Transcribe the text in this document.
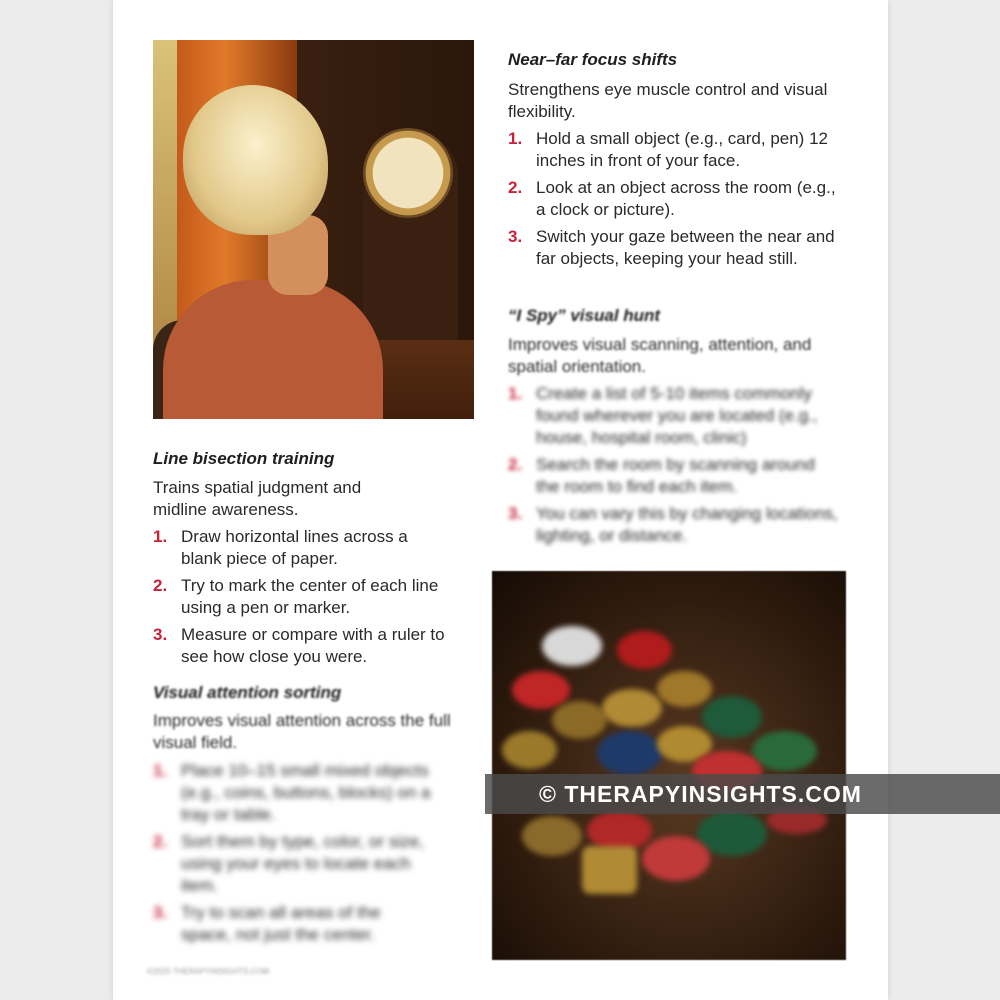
Near–far focus shifts

Strengthens eye muscle control and visual flexibility.

1. Hold a small object (e.g., card, pen) 12 inches in front of your face.
2. Look at an object across the room (e.g., a clock or picture).
3. Switch your gaze between the near and far objects, keeping your head still.
“I Spy” visual hunt

Improves visual scanning, attention, and spatial orientation.

1. Create a list of 5-10 items commonly found wherever you are located (e.g., house, hospital room, clinic)
2. Search the room by scanning around the room to find each item.
3. You can vary this by changing locations, lighting, or distance.
Line bisection training

Trains spatial judgment and midline awareness.

1. Draw horizontal lines across a blank piece of paper.
2. Try to mark the center of each line using a pen or marker.
3. Measure or compare with a ruler to see how close you were.
Visual attention sorting

Improves visual attention across the full visual field.

1. Place 10–15 small mixed objects (e.g., coins, buttons, blocks) on a tray or table.
2. Sort them by type, color, or size, using your eyes to locate each item.
3. Try to scan all areas of the space, not just the center.
© THERAPYINSIGHTS.COM
©2025 THERAPYINSIGHTS.COM
